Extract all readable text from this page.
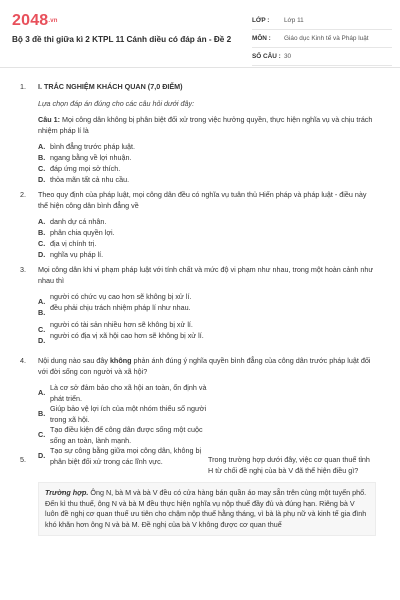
2048.vn
Bộ 3 đề thi giữa kì 2 KTPL 11 Cánh diều có đáp án - Đề 2
LỚP : Lớp 11
MÔN : Giáo dục Kinh tế và Pháp luật
SỐ CÂU : 30
1. I. TRẮC NGHIỆM KHÁCH QUAN (7,0 ĐIỂM)
Lựa chọn đáp án đúng cho các câu hỏi dưới đây:
Câu 1: Mọi công dân không bị phân biệt đối xử trong việc hưởng quyền, thực hiện nghĩa vụ và chịu trách nhiệm pháp lí là
A. bình đẳng trước pháp luật.
B. ngang bằng về lợi nhuận.
C. đáp ứng mọi sở thích.
D. thỏa mãn tất cả nhu cầu.
2. Theo quy định của pháp luật, mọi công dân đều có nghĩa vụ tuân thủ Hiến pháp và pháp luật - điều này thể hiện công dân bình đẳng về
A. danh dự cá nhân.
B. phân chia quyền lợi.
C. địa vị chính trị.
D. nghĩa vụ pháp lí.
3. Mọi công dân khi vi phạm pháp luật với tính chất và mức độ vi phạm như nhau, trong một hoàn cảnh như nhau thì
A.
người có chức vụ cao hơn sẽ không bị xử lí.
B.
đều phải chịu trách nhiệm pháp lí như nhau.
C.
người có tài sản nhiều hơn sẽ không bị xử lí.
D.
người có địa vị xã hội cao hơn sẽ không bị xử lí.
4. Nội dung nào sau đây không phản ánh đúng ý nghĩa quyền bình đẳng của công dân trước pháp luật đối với đời sống con người và xã hội?
A.
Là cơ sở đảm bảo cho xã hội an toàn, ổn định và phát triển.
B.
Giúp bảo vệ lợi ích của một nhóm thiểu số người trong xã hội.
C.
Tạo điều kiện để công dân được sống một cuộc sống an toàn, lành mạnh.
D.
Tạo sự công bằng giữa mọi công dân, không bị phân biệt đối xử trong các lĩnh vực.
5.	Trong trường hợp dưới đây, việc cơ quan thuế tỉnh H từ chối đề nghị của bà V đã thể hiện điều gì?
Trường hợp. Ông N, bà M và bà V đều có cửa hàng bán quần áo may sẵn trên cùng một tuyến phố. Đến kì thu thuế, ông N và bà M đều thực hiện nghĩa vụ nộp thuế đầy đủ và đúng hạn. Riêng bà V luôn đề nghị cơ quan thuế ưu tiên cho chậm nộp thuế hằng tháng, vì bà là phụ nữ và kinh tế gia đình khó khăn hơn ông N và bà M. Đề nghị của bà V không được cơ quan thuế
